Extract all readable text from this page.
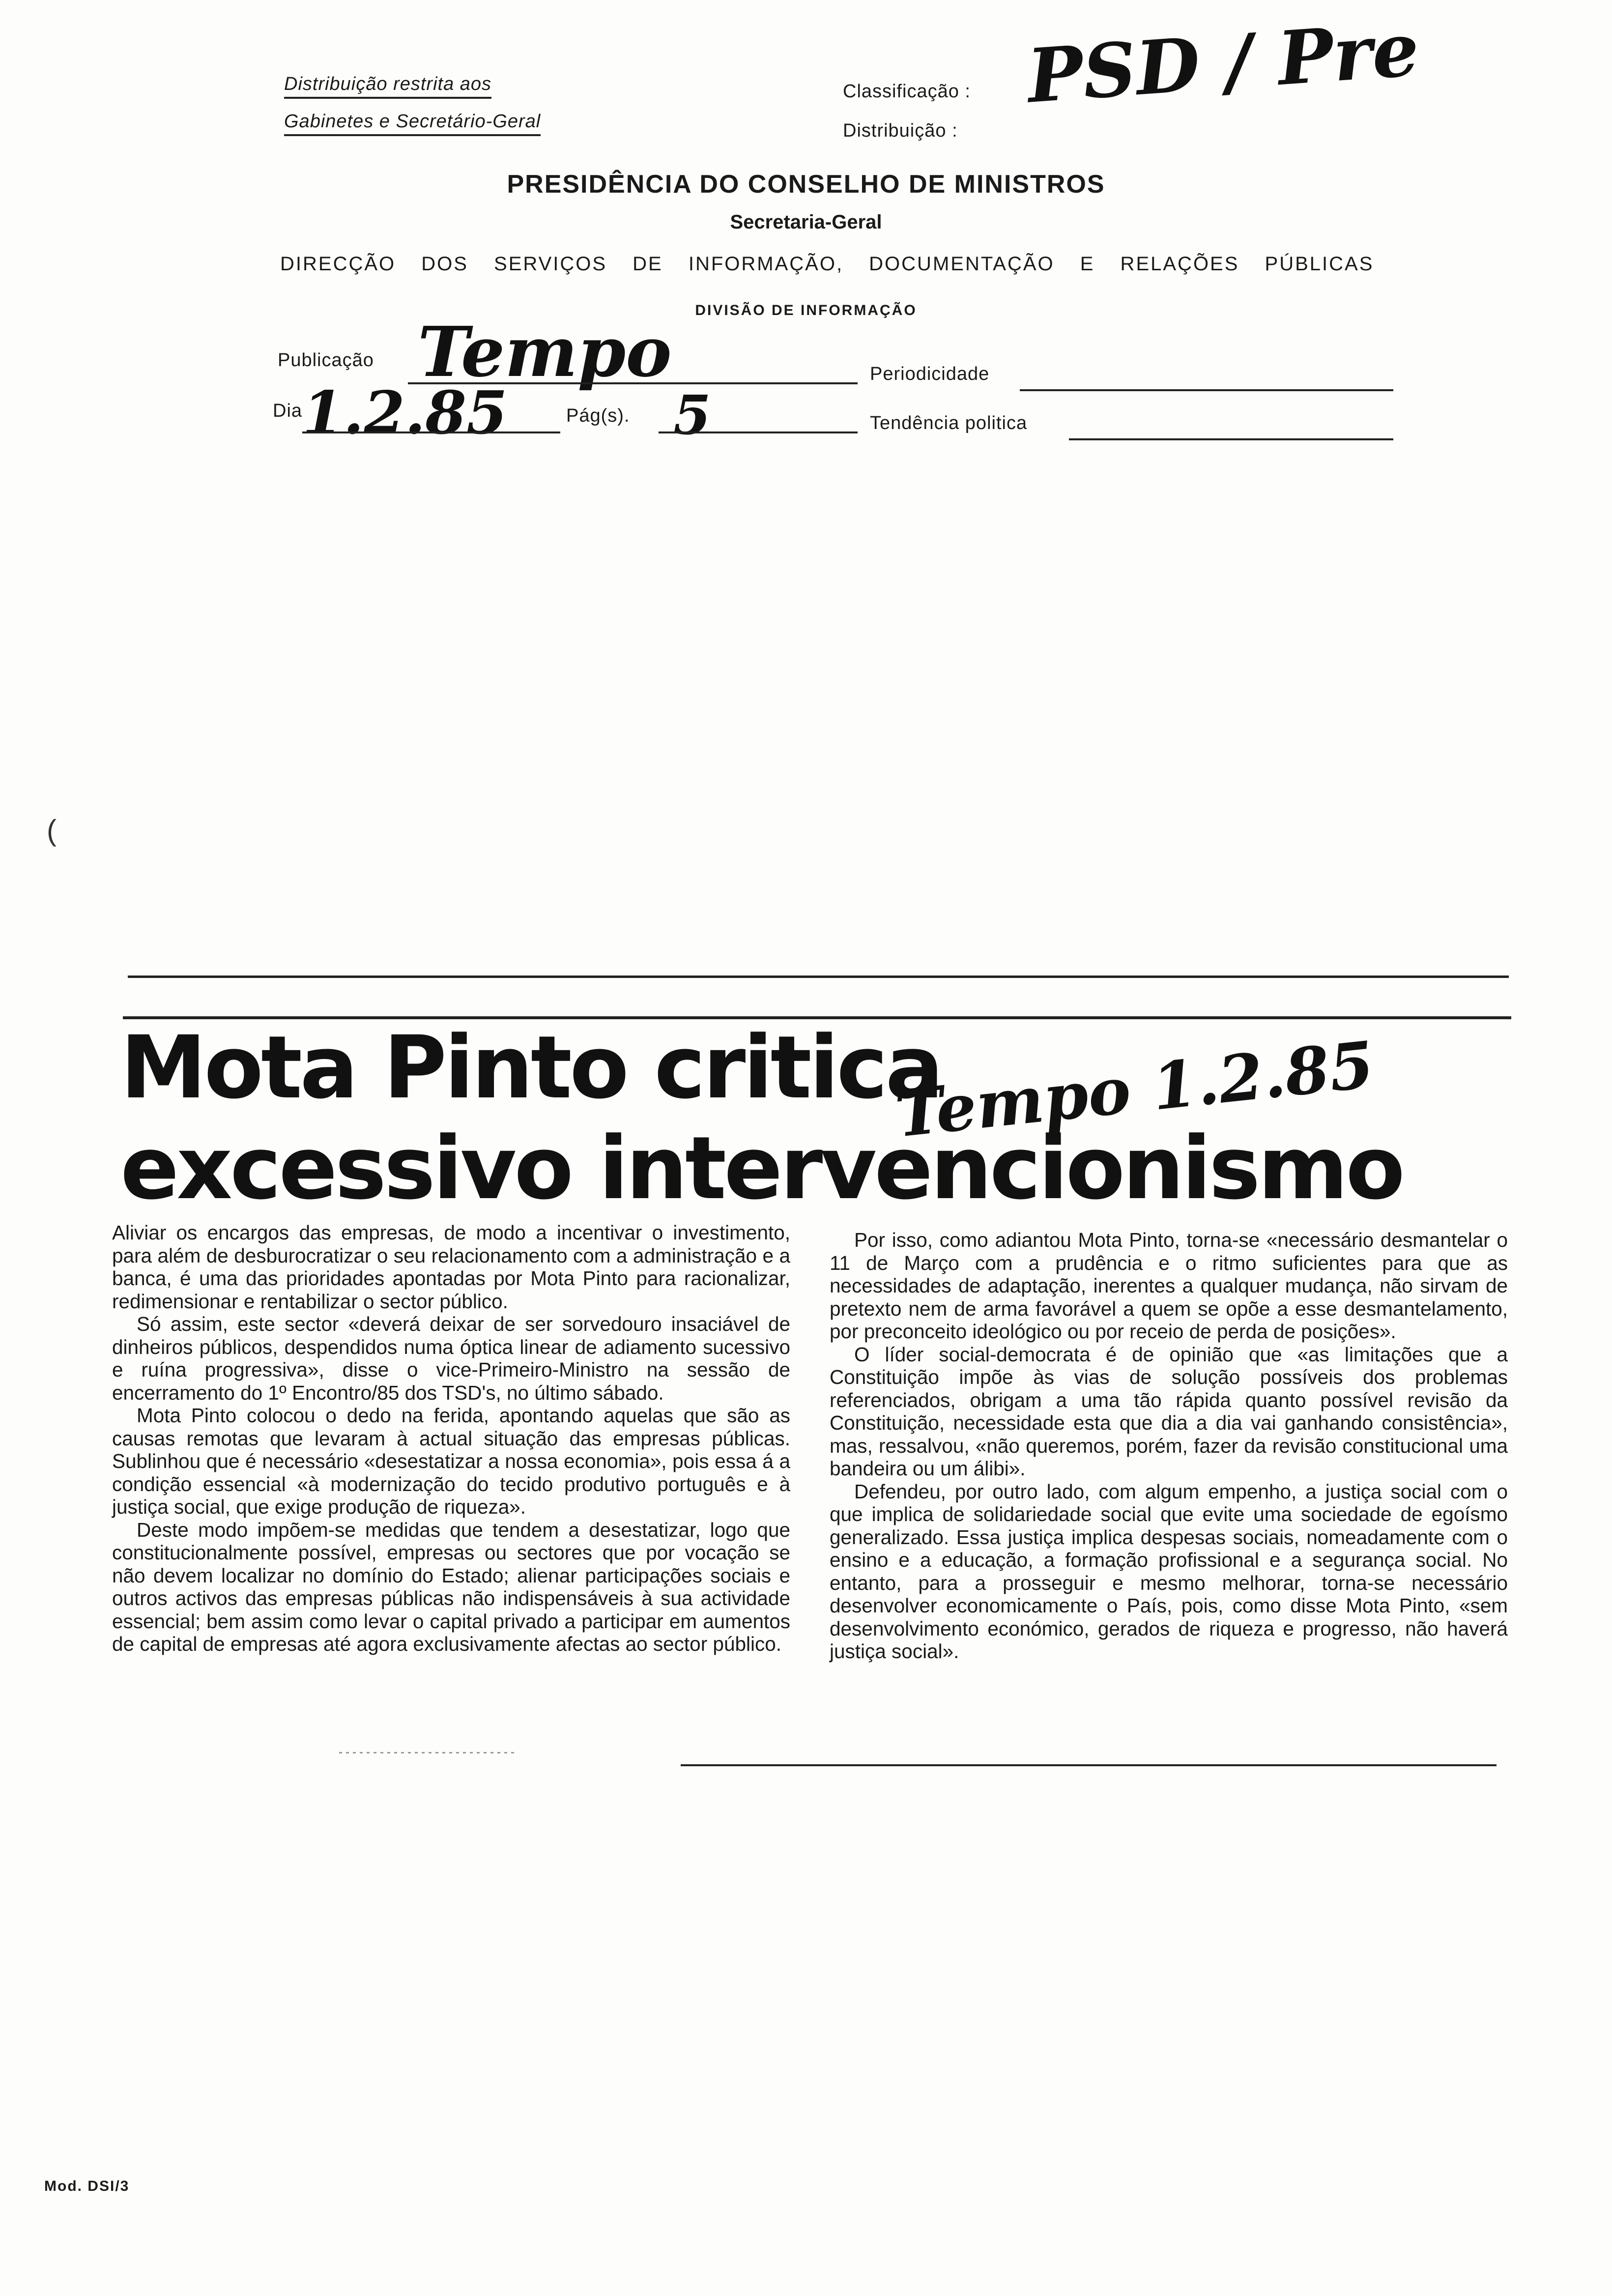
Distribuição restrita aos
Gabinetes e Secretário-Geral
Classificação :
Distribuição :
PSD / Pre
PRESIDÊNCIA DO CONSELHO DE MINISTROS
Secretaria-Geral
DIRECÇÃO DOS SERVIÇOS DE INFORMAÇÃO, DOCUMENTAÇÃO E RELAÇÕES PÚBLICAS
DIVISÃO DE INFORMAÇÃO
Publicação Tempo	Periodicidade
Dia 1.2.85	Pág(s). 5	Tendência politica
(
Mota Pinto critica
excessivo intervencionismo
Tempo 1.2.85

Aliviar os encargos das empresas, de modo a incentivar o investimento, para além de desburocratizar o seu relacionamento com a administração e a banca, é uma das prioridades apontadas por Mota Pinto para racionalizar, redimensionar e rentabilizar o sector público.

Só assim, este sector «deverá deixar de ser sorvedouro insaciável de dinheiros públicos, despendidos numa óptica linear de adiamento sucessivo e ruína progressiva», disse o vice-Primeiro-Ministro na sessão de encerramento do 1º Encontro/85 dos TSD's, no último sábado.

Mota Pinto colocou o dedo na ferida, apontando aquelas que são as causas remotas que levaram à actual situação das empresas públicas. Sublinhou que é necessário «desestatizar a nossa economia», pois essa á a condição essencial «à modernização do tecido produtivo português e à justiça social, que exige produção de riqueza».

Deste modo impõem-se medidas que tendem a desestatizar, logo que constitucionalmente possível, empresas ou sectores que por vocação se não devem localizar no domínio do Estado; alienar participações sociais e outros activos das empresas públicas não indispensáveis à sua actividade essencial; bem assim como levar o capital privado a participar em aumentos de capital de empresas até agora exclusivamente afectas ao sector público.

Por isso, como adiantou Mota Pinto, torna-se «necessário desmantelar o 11 de Março com a prudência e o ritmo suficientes para que as necessidades de adaptação, inerentes a qualquer mudança, não sirvam de pretexto nem de arma favorável a quem se opõe a esse desmantelamento, por preconceito ideológico ou por receio de perda de posições».

O líder social-democrata é de opinião que «as limitações que a Constituição impõe às vias de solução possíveis dos problemas referenciados, obrigam a uma tão rápida quanto possível revisão da Constituição, necessidade esta que dia a dia vai ganhando consistência», mas, ressalvou, «não queremos, porém, fazer da revisão constitucional uma bandeira ou um álibi».

Defendeu, por outro lado, com algum empenho, a justiça social com o que implica de solidariedade social que evite uma sociedade de egoísmo generalizado. Essa justiça implica despesas sociais, nomeadamente com o ensino e a educação, a formação profissional e a segurança social. No entanto, para a prosseguir e mesmo melhorar, torna-se necessário desenvolver economicamente o País, pois, como disse Mota Pinto, «sem desenvolvimento económico, gerados de riqueza e progresso, não haverá justiça social».

Mod. DSI/3
